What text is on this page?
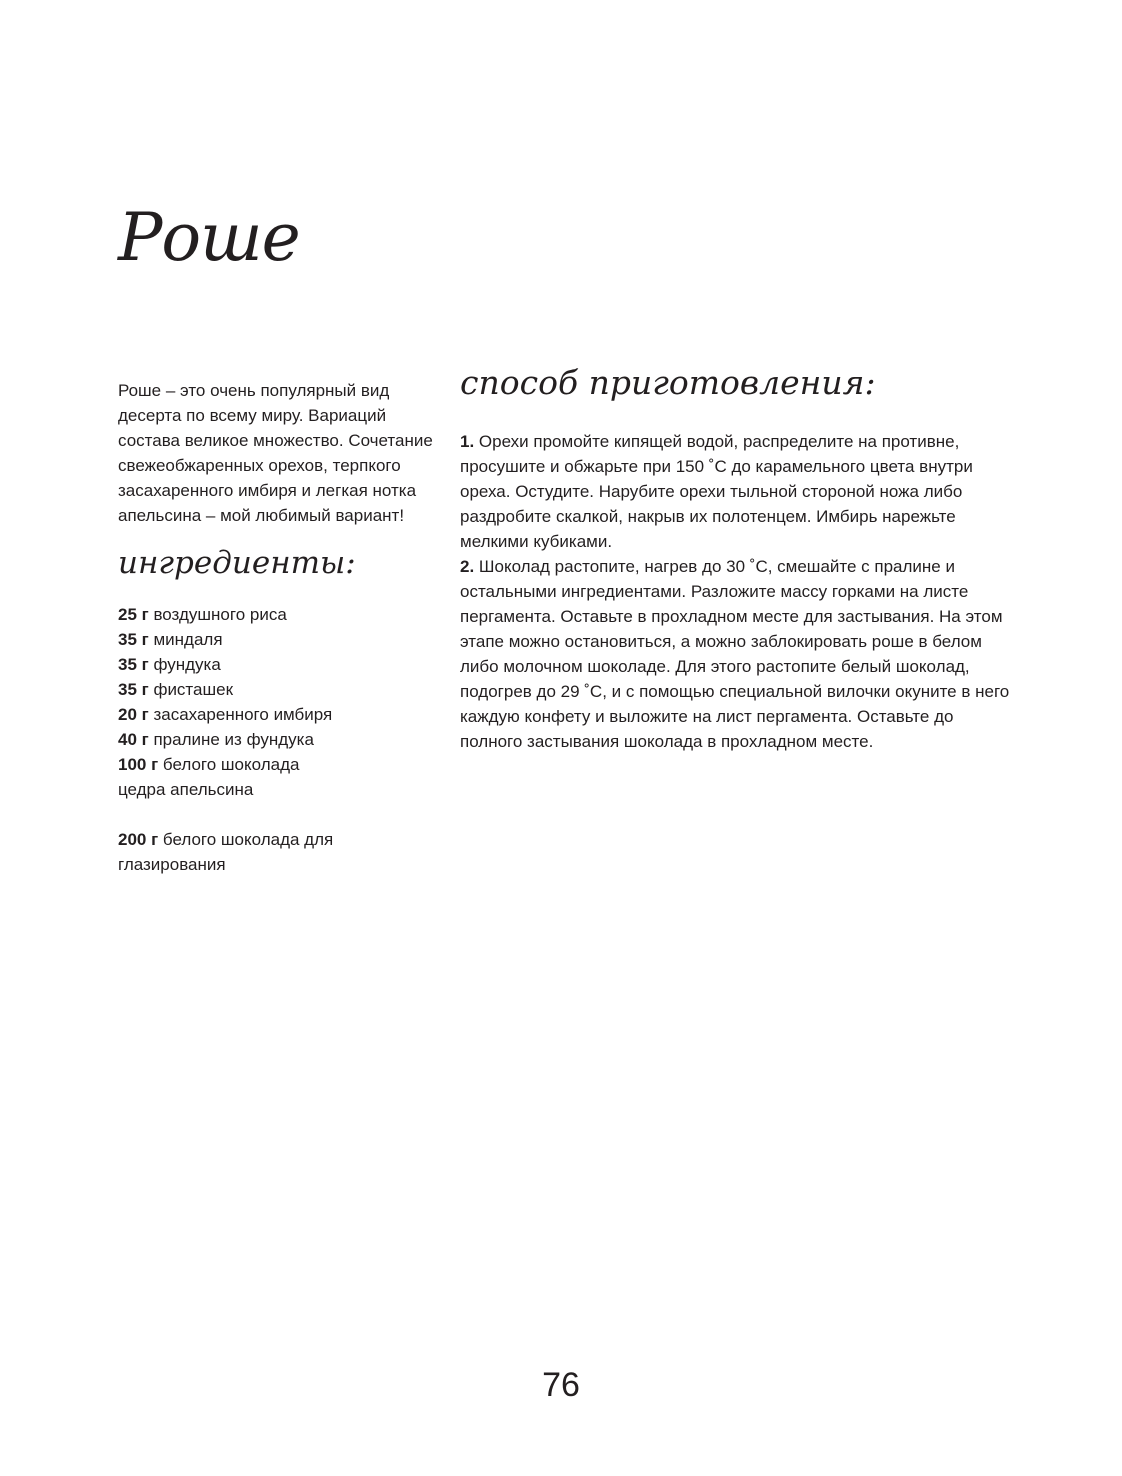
Роше

Роше – это очень популярный вид десерта по всему миру. Вариаций состава великое множество. Сочетание свежеобжаренных орехов, терпкого засахаренного имбиря и легкая нотка апельсина – мой любимый вариант!

ингредиенты:
25 г воздушного риса
35 г миндаля
35 г фундука
35 г фисташек
20 г засахаренного имбиря
40 г пралине из фундука
100 г белого шоколада
цедра апельсина
200 г белого шоколада для глазирования
способ приготовления:

1. Орехи промойте кипящей водой, распределите на противне, просушите и обжарьте при 150 ˚С до карамельного цвета внутри ореха. Остудите. Нарубите орехи тыльной стороной ножа либо раздробите скалкой, накрыв их полотенцем. Имбирь нарежьте мелкими кубиками.

2. Шоколад растопите, нагрев до 30 ˚С, смешайте с пралине и остальными ингредиентами. Разложите массу горками на листе пергамента. Оставьте в прохладном месте для застывания. На этом этапе можно остановиться, а можно заблокировать роше в белом либо молочном шоколаде. Для этого растопите белый шоколад, подогрев до 29 ˚С, и с помощью специальной вилочки окуните в него каждую конфету и выложите на лист пергамента. Оставьте до полного застывания шоколада в прохладном месте.

76
